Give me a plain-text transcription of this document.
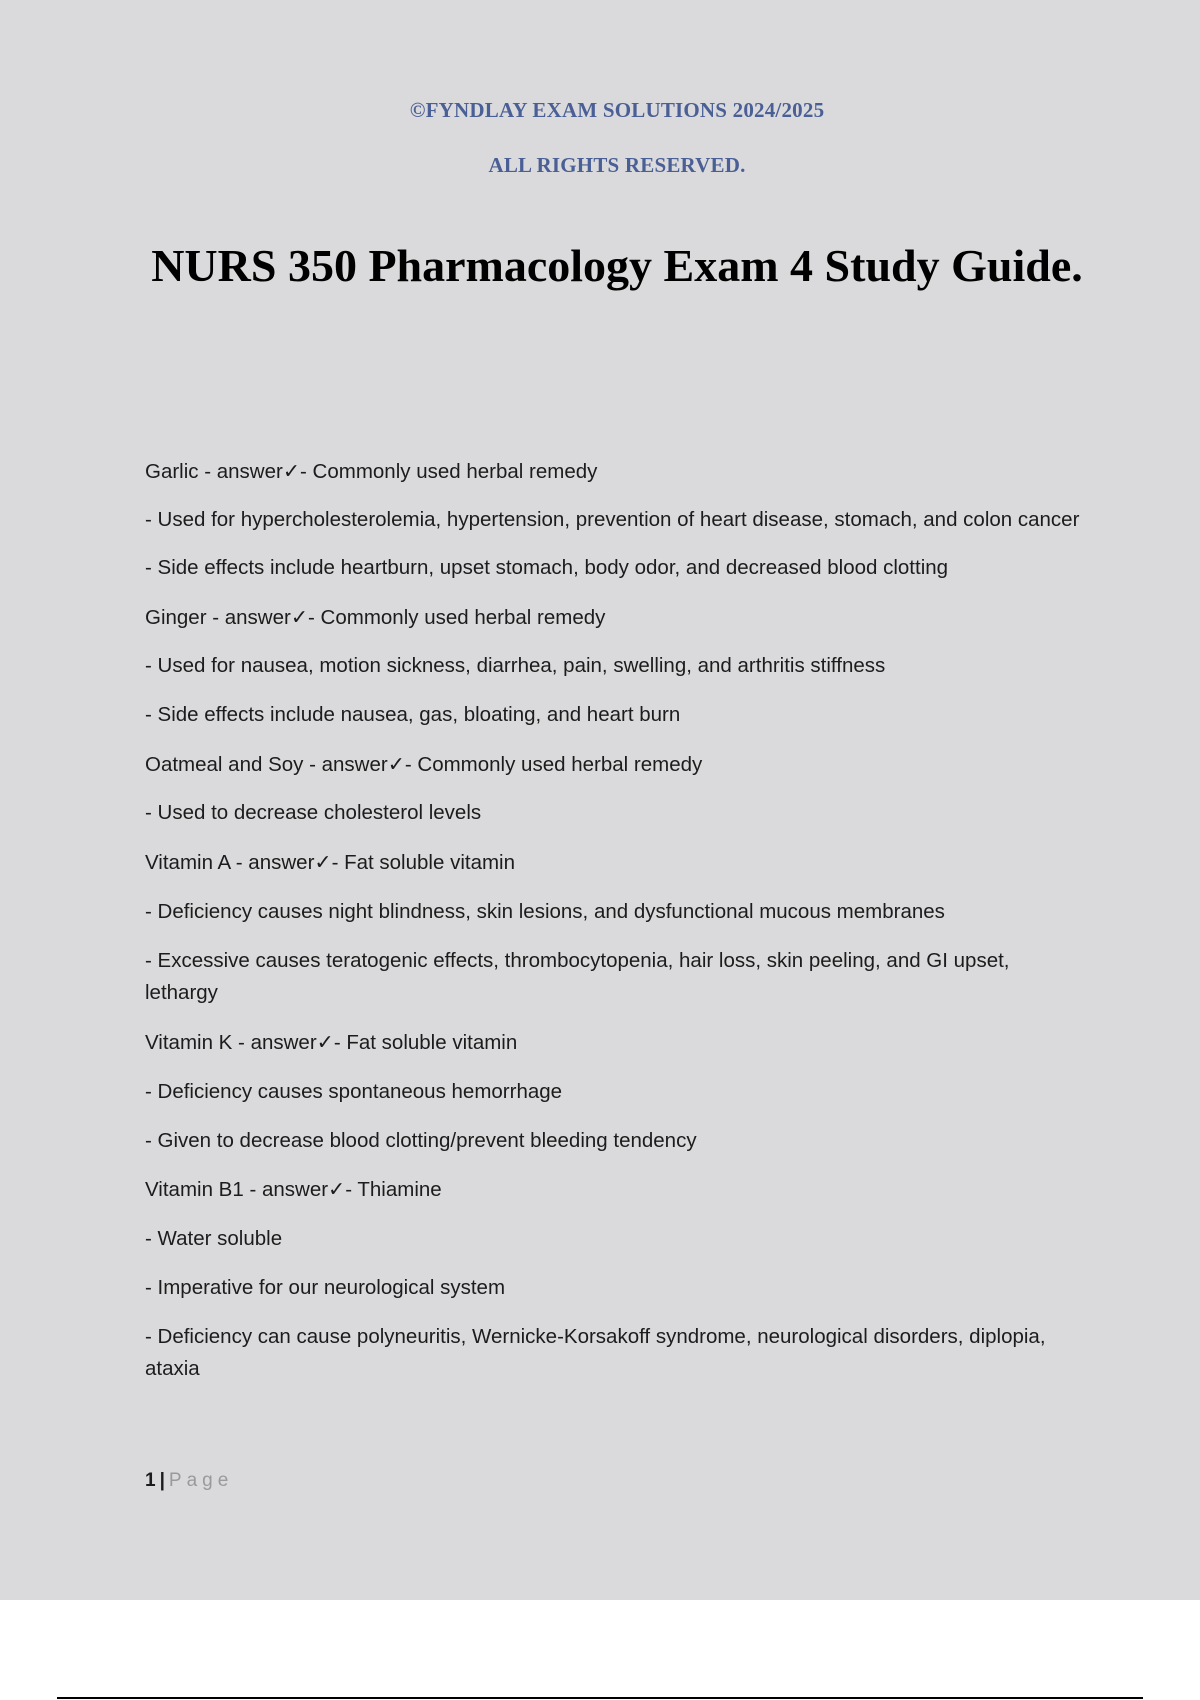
©FYNDLAY EXAM SOLUTIONS 2024/2025
ALL RIGHTS RESERVED.
NURS 350 Pharmacology Exam 4 Study Guide.

Garlic - answer✓- Commonly used herbal remedy

- Used for hypercholesterolemia, hypertension, prevention of heart disease, stomach, and colon cancer

- Side effects include heartburn, upset stomach, body odor, and decreased blood clotting

Ginger - answer✓- Commonly used herbal remedy

- Used for nausea, motion sickness, diarrhea, pain, swelling, and arthritis stiffness

- Side effects include nausea, gas, bloating, and heart burn

Oatmeal and Soy - answer✓- Commonly used herbal remedy

- Used to decrease cholesterol levels

Vitamin A - answer✓- Fat soluble vitamin

- Deficiency causes night blindness, skin lesions, and dysfunctional mucous membranes

- Excessive causes teratogenic effects, thrombocytopenia, hair loss, skin peeling, and GI upset, lethargy

Vitamin K - answer✓- Fat soluble vitamin

- Deficiency causes spontaneous hemorrhage

- Given to decrease blood clotting/prevent bleeding tendency

Vitamin B1 - answer✓- Thiamine

- Water soluble

- Imperative for our neurological system

- Deficiency can cause polyneuritis, Wernicke-Korsakoff syndrome, neurological disorders, diplopia, ataxia

1 | Page
